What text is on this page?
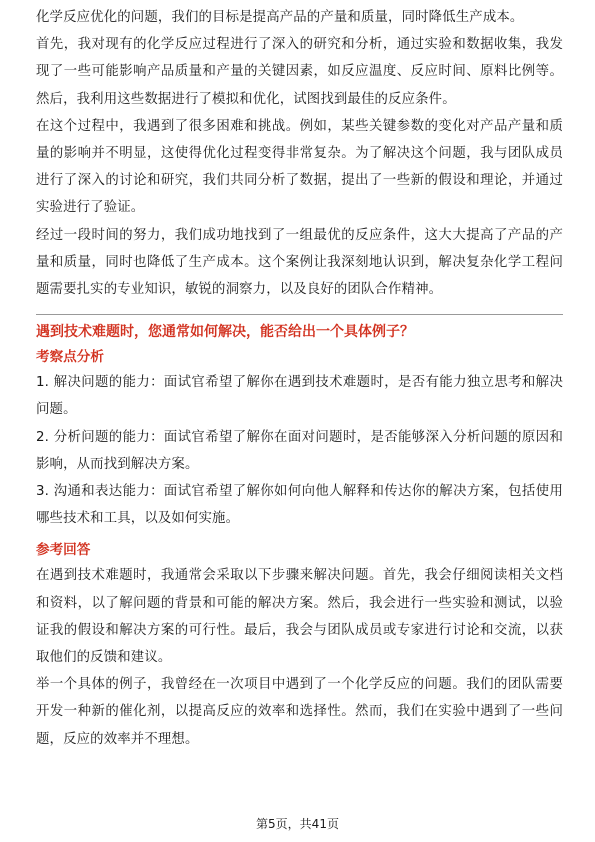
化学反应优化的问题，我们的目标是提高产品的产量和质量，同时降低生产成本。

首先，我对现有的化学反应过程进行了深入的研究和分析，通过实验和数据收集，我发现了一些可能影响产品质量和产量的关键因素，如反应温度、反应时间、原料比例等。然后，我利用这些数据进行了模拟和优化，试图找到最佳的反应条件。

在这个过程中，我遇到了很多困难和挑战。例如，某些关键参数的变化对产品产量和质量的影响并不明显，这使得优化过程变得非常复杂。为了解决这个问题，我与团队成员进行了深入的讨论和研究，我们共同分析了数据，提出了一些新的假设和理论，并通过实验进行了验证。

经过一段时间的努力，我们成功地找到了一组最优的反应条件，这大大提高了产品的产量和质量，同时也降低了生产成本。这个案例让我深刻地认识到，解决复杂化学工程问题需要扎实的专业知识，敏锐的洞察力，以及良好的团队合作精神。

遇到技术难题时，您通常如何解决，能否给出一个具体例子？

考察点分析

1. 解决问题的能力：面试官希望了解你在遇到技术难题时，是否有能力独立思考和解决问题。

2. 分析问题的能力：面试官希望了解你在面对问题时，是否能够深入分析问题的原因和影响，从而找到解决方案。

3. 沟通和表达能力：面试官希望了解你如何向他人解释和传达你的解决方案，包括使用哪些技术和工具，以及如何实施。

参考回答

在遇到技术难题时，我通常会采取以下步骤来解决问题。首先，我会仔细阅读相关文档和资料，以了解问题的背景和可能的解决方案。然后，我会进行一些实验和测试，以验证我的假设和解决方案的可行性。最后，我会与团队成员或专家进行讨论和交流，以获取他们的反馈和建议。

举一个具体的例子，我曾经在一次项目中遇到了一个化学反应的问题。我们的团队需要开发一种新的催化剂，以提高反应的效率和选择性。然而，我们在实验中遇到了一些问题，反应的效率并不理想。

第5页，共41页
